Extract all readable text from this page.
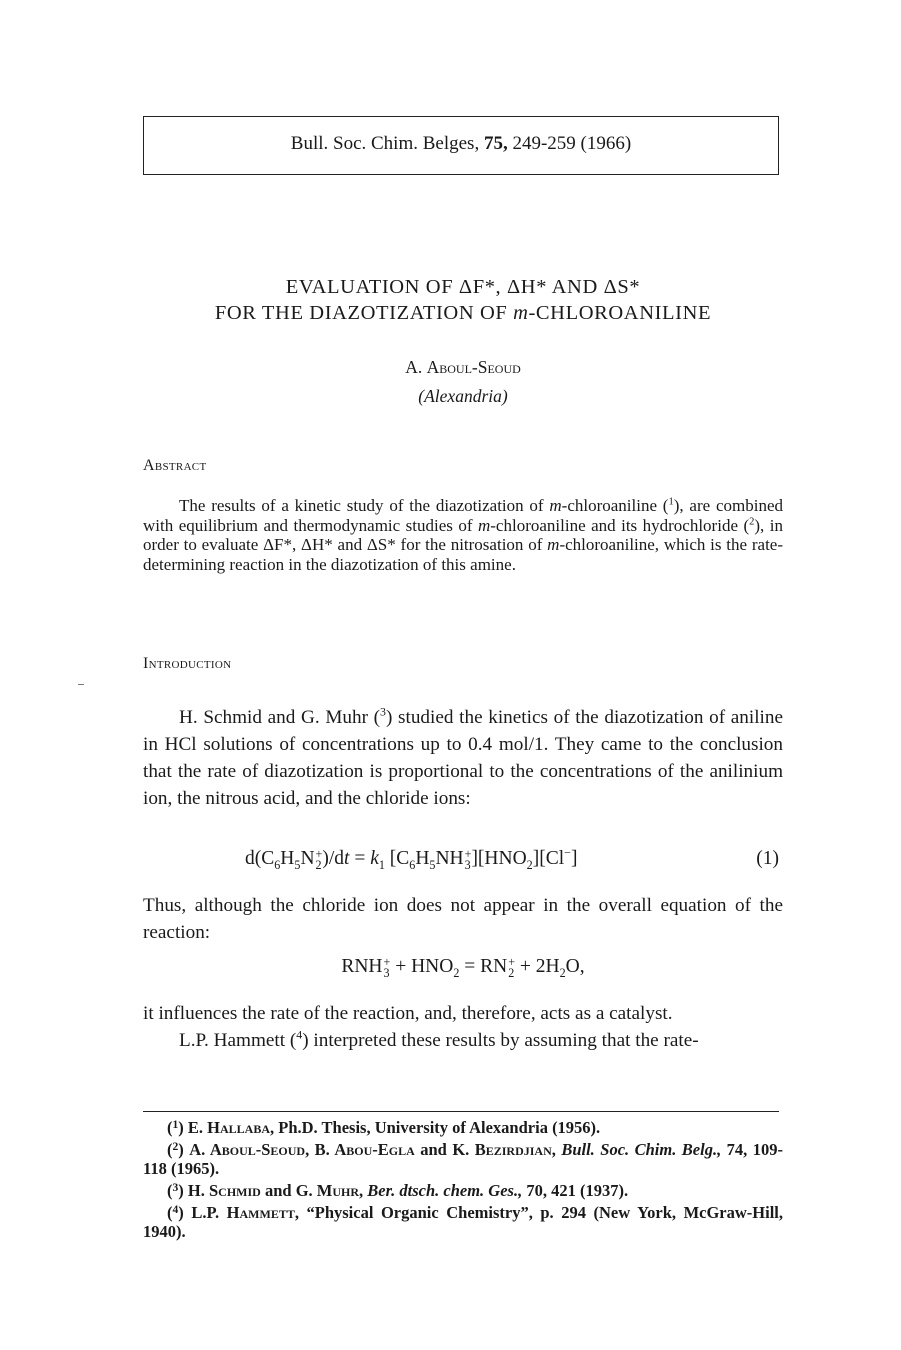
Bull. Soc. Chim. Belges, 75, 249-259 (1966)
EVALUATION OF ΔF*, ΔH* AND ΔS*
FOR THE DIAZOTIZATION OF m-CHLOROANILINE
A. Aboul-Seoud
(Alexandria)
Abstract

The results of a kinetic study of the diazotization of m-chloroaniline ($^1$), are combined with equilibrium and thermodynamic studies of m-chloroaniline and its hydrochloride ($^2$), in order to evaluate ΔF*, ΔH* and ΔS* for the nitrosation of m-chloroaniline, which is the rate-determining reaction in the diazotization of this amine.

Introduction

H. Schmid and G. Muhr ($^3$) studied the kinetics of the diazotization of aniline in HCl solutions of concentrations up to 0.4 mol/1. They came to the conclusion that the rate of diazotization is proportional to the concentrations of the anilinium ion, the nitrous acid, and the chloride ions:

$d(C_6H_5N$ +
2 )$/dt = k_1$ [$C_6H_5NH$ +
3 ]$[HNO_2][Cl^-]$	(1)

Thus, although the chloride ion does not appear in the overall equation of the reaction:

RNH +
$3 + HNO_2$ = RN +
$2 + 2H_2O$,

it influences the rate of the reaction, and, therefore, acts as a catalyst.

L.P. Hammett ($^4$) interpreted these results by assuming that the rate-

($^1$) E. Hallaba, Ph.D. Thesis, University of Alexandria (1956).
($^2$) A. Aboul-Seoud, B. Abou-Egla and K. Bezirdjian, Bull. Soc. Chim. Belg., 74, 109-118 (1965).
($^3$) H. Schmid and G. Muhr, Ber. dtsch. chem. Ges., 70, 421 (1937).
($^4$) L.P. Hammett, “Physical Organic Chemistry”, p. 294 (New York, McGraw-Hill, 1940).
